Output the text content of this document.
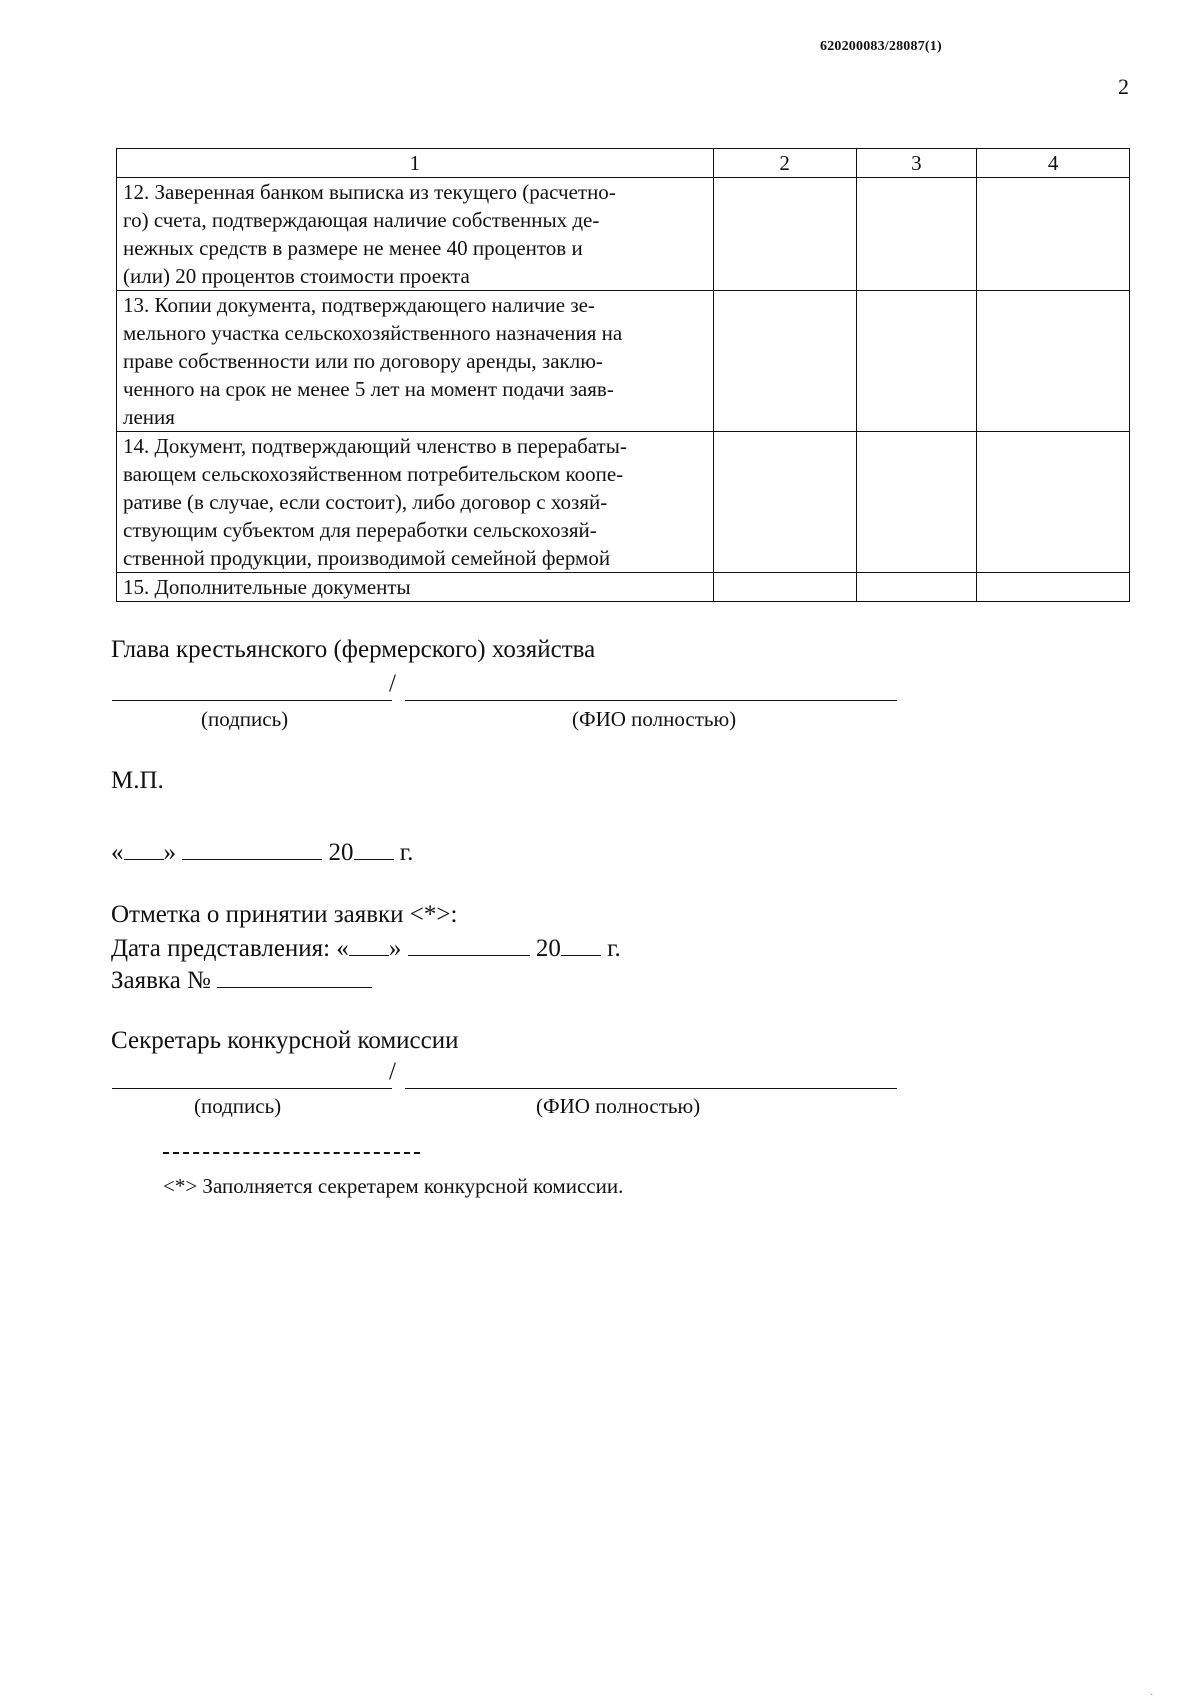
620200083/28087(1)
2
1	2	3	4

12. Заверенная банком выписка из текущего (расчетно-
го) счета, подтверждающая наличие собственных де-
нежных средств в размере не менее 40 процентов и
(или) 20 процентов стоимости проекта			

13. Копии документа, подтверждающего наличие зе-
мельного участка сельскохозяйственного назначения на
праве собственности или по договору аренды, заклю-
ченного на срок не менее 5 лет на момент подачи заяв-
ления			

14. Документ, подтверждающий членство в перерабаты-
вающем сельскохозяйственном потребительском коопе-
ративе (в случае, если состоит), либо договор с хозяй-
ствующим субъектом для переработки сельскохозяй-
ственной продукции, производимой семейной фермой			

15. Дополнительные документы			

Глава крестьянского (фермерского) хозяйства
/
(подпись)	(ФИО полностью)
М.П.
« »	20 г.
Отметка о принятии заявки <*>:
Дата представления: « »	20 г.
Заявка №
Секретарь конкурсной комиссии
/
(подпись)	(ФИО полностью)
<*> Заполняется секретарем конкурсной комиссии.
·
